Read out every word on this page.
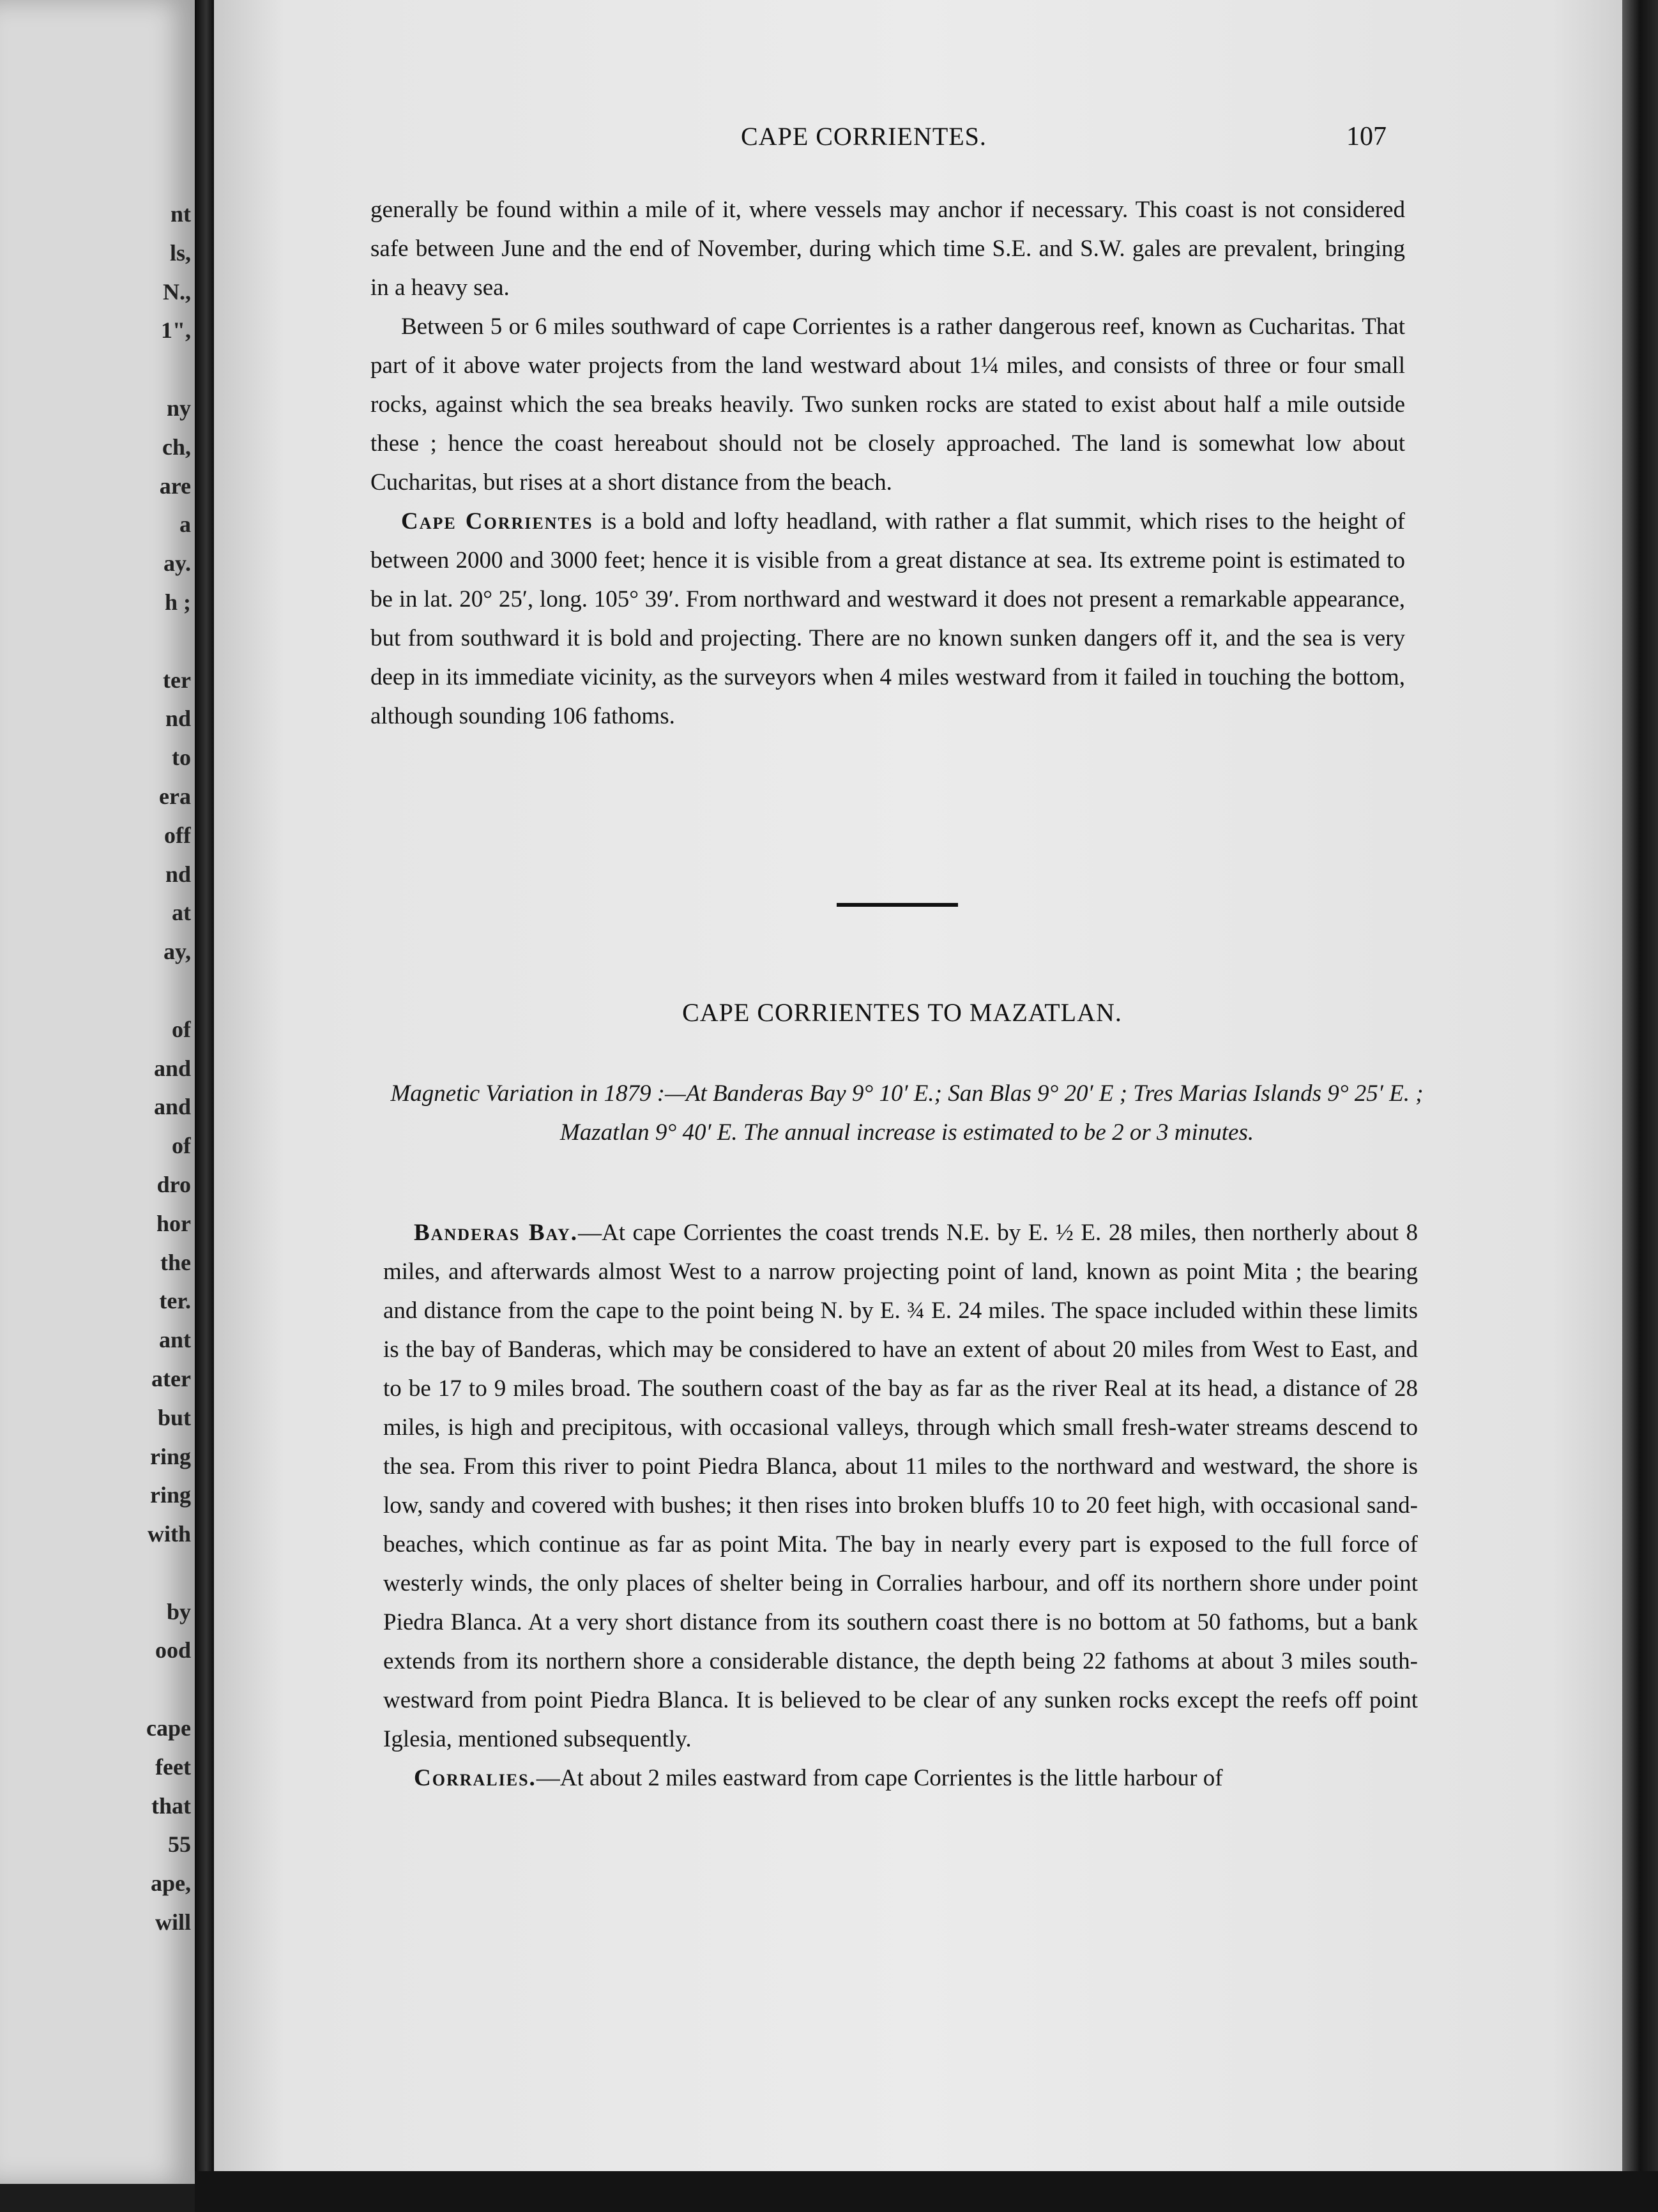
nt
ls,
N.,
1",
ny
ch,
are
a
ay.
h ;
ter
nd
to
era
off
nd
at
ay,
of
and
and
of
dro
hor
the
ter.
ant
ater
but
ring
ring
with
by
ood
cape
feet
that
55
ape,
will
CAPE CORRIENTES.	107

generally be found within a mile of it, where vessels may anchor if necessary. This coast is not considered safe between June and the end of November, during which time S.E. and S.W. gales are prevalent, bringing in a heavy sea.

Between 5 or 6 miles southward of cape Corrientes is a rather dangerous reef, known as Cucharitas. That part of it above water projects from the land westward about 1¼ miles, and consists of three or four small rocks, against which the sea breaks heavily. Two sunken rocks are stated to exist about half a mile outside these ; hence the coast hereabout should not be closely approached. The land is somewhat low about Cucharitas, but rises at a short distance from the beach.

Cape Corrientes is a bold and lofty headland, with rather a flat summit, which rises to the height of between 2000 and 3000 feet; hence it is visible from a great distance at sea. Its extreme point is estimated to be in lat. 20° 25′, long. 105° 39′. From northward and westward it does not present a remarkable appearance, but from southward it is bold and projecting. There are no known sunken dangers off it, and the sea is very deep in its immediate vicinity, as the surveyors when 4 miles westward from it failed in touching the bottom, although sounding 106 fathoms.

CAPE CORRIENTES TO MAZATLAN.
Magnetic Variation in 1879 :—At Banderas Bay 9° 10′ E.; San Blas 9° 20′ E ; Tres Marias Islands 9° 25′ E. ; Mazatlan 9° 40′ E. The annual increase is estimated to be 2 or 3 minutes.

Banderas Bay.—At cape Corrientes the coast trends N.E. by E. ½ E. 28 miles, then northerly about 8 miles, and afterwards almost West to a narrow projecting point of land, known as point Mita ; the bearing and distance from the cape to the point being N. by E. ¾ E. 24 miles. The space included within these limits is the bay of Banderas, which may be considered to have an extent of about 20 miles from West to East, and to be 17 to 9 miles broad. The southern coast of the bay as far as the river Real at its head, a distance of 28 miles, is high and precipitous, with occasional valleys, through which small fresh-water streams descend to the sea. From this river to point Piedra Blanca, about 11 miles to the northward and westward, the shore is low, sandy and covered with bushes; it then rises into broken bluffs 10 to 20 feet high, with occasional sand-beaches, which continue as far as point Mita. The bay in nearly every part is exposed to the full force of westerly winds, the only places of shelter being in Corralies harbour, and off its northern shore under point Piedra Blanca. At a very short distance from its southern coast there is no bottom at 50 fathoms, but a bank extends from its northern shore a considerable distance, the depth being 22 fathoms at about 3 miles south-westward from point Piedra Blanca. It is believed to be clear of any sunken rocks except the reefs off point Iglesia, mentioned subsequently.

Corralies.—At about 2 miles eastward from cape Corrientes is the little harbour of
